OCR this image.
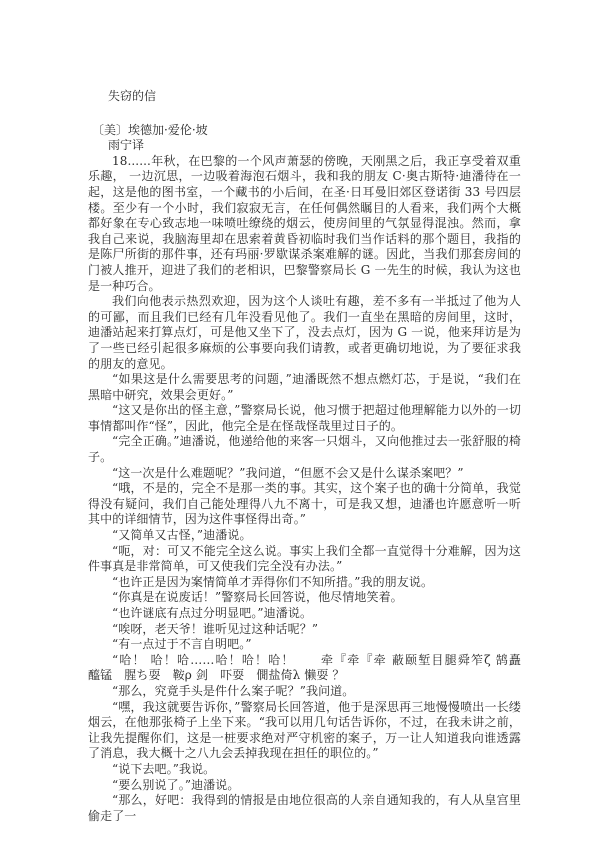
失窃的信
〔美〕埃德加·爱伦·坡
雨宁译

18......年秋，在巴黎的一个风声萧瑟的傍晚，天刚黑之后，我正享受着双重乐趣， 一边沉思，一边吸着海泡石烟斗，我和我的朋友 C·奥古斯特·迪潘待在一起，这是他的图书室，一个藏书的小后间，在圣·日耳曼旧郊区登诺街 33 号四层楼。至少有一个小时，我们寂寂无言，在任何偶然瞩目的人看来，我们两个大概都好象在专心致志地一味喷吐缭绕的烟云，使房间里的气氛显得混浊。然而，拿我自己来说，我脑海里却在思索着黄昏初临时我们当作话料的那个题目，我指的是陈尸所街的那件事，还有玛丽·罗歇谋杀案难解的谜。因此，当我们那套房间的门被人推开，迎进了我们的老相识，巴黎警察局长 G 一先生的时候，我认为这也是一种巧合。

我们向他表示热烈欢迎，因为这个人谈吐有趣，差不多有一半抵过了他为人的可鄙，而且我们已经有几年没看见他了。我们一直坐在黑暗的房间里，这时，迪潘站起来打算点灯，可是他又坐下了，没去点灯，因为 G 一说，他来拜访是为了一些已经引起很多麻烦的公事要向我们请教，或者更确切地说，为了要征求我的朋友的意见。

“如果这是什么需要思考的问题，”迪潘既然不想点燃灯芯，于是说，“我们在黑暗中研究，效果会更好。”

“这又是你出的怪主意，”警察局长说，他习惯于把超过他理解能力以外的一切事情都叫作“怪”，因此，他完全是在怪哉怪哉里过日子的。

“完全正确。”迪潘说，他递给他的来客一只烟斗，又向他推过去一张舒服的椅子。

“这一次是什么难题呢？”我问道，“但愿不会又是什么谋杀案吧？”

“哦，不是的，完全不是那一类的事。其实，这个案子也的确十分简单，我觉得没有疑问，我们自己能处理得八九不离十，可是我又想，迪潘也许愿意听一听其中的详细情节，因为这件事怪得出奇。”

“又简单又古怪，”迪潘说。

“呃，对：可又不能完全这么说。事实上我们全都一直觉得十分难解，因为这件事真是非常简单，可又使我们完全没有办法。”

“也许正是因为案情简单才弄得你们不知所措。”我的朋友说。

“你真是在说废话！”警察局长回答说，他尽情地笑着。

“也许谜底有点过分明显吧。”迪潘说。

“唉呀，老天爷！谁听见过这种话呢？”

“有一点过于不言自明吧。”

“哈！ 哈！哈……哈！哈！哈！　　牵『牵『牵 蔽颐堑目腿舜笮ζ 鹄矗　　醯锰　腥ち耍　鞍ρ 剑　吓耍　僩盐倚λ 懒耍 ？

“那么，究竟手头是件什么案子呢？”我问道。

“嘿，我这就要告诉你，”警察局长回答道，他于是深思再三地慢慢喷出一长缕烟云，在他那张椅子上坐下来。“我可以用几句话告诉你，不过，在我未讲之前，让我先提醒你们，这是一桩要求绝对严守机密的案子，万一让人知道我向谁透露了消息，我大概十之八九会丢掉我现在担任的职位的。”

“说下去吧。”我说。

“要么别说了。”迪潘说。

“那么，好吧：我得到的情报是由地位很高的人亲自通知我的，有人从皇宫里偷走了一
